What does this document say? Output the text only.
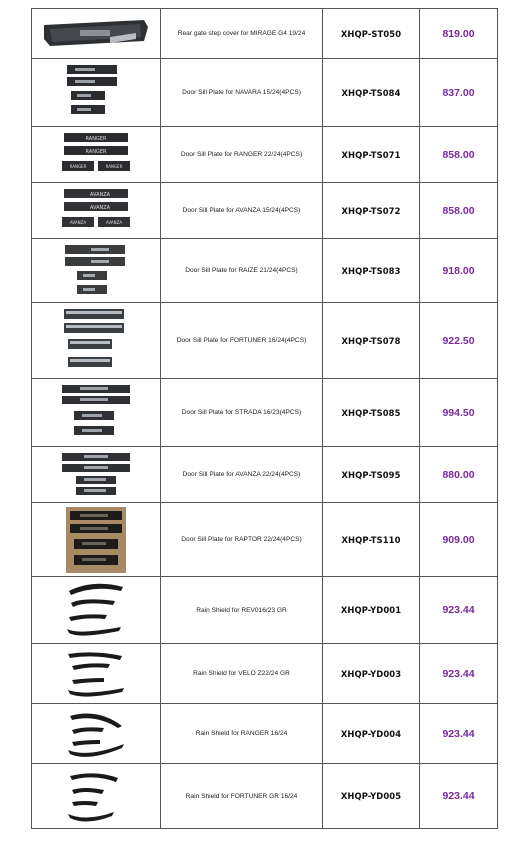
	Rear gate step cover for MIRAGE G4 19/24	XHQP-ST050	819.00

	Door Sill Plate for NAVARA 15/24(4PCS)	XHQP-TS084	837.00

RANGER
RANGER
RANGER RANGER	Door Sill Plate for RANGER 22/24(4PCS)	XHQP-TS071	858.00

AVANZA
AVANZA
AVANZA AVANZA	Door Sill Plate for AVANZA 15/24(4PCS)	XHQP-TS072	858.00

	Door Sill Plate for RAIZE 21/24(4PCS)	XHQP-TS083	918.00

	Door Sill Plate for FORTUNER 16/24(4PCS)	XHQP-TS078	922.50

	Door Sill Plate for STRADA 16/23(4PCS)	XHQP-TS085	994.50

	Door Sill Plate for AVANZA 22/24(4PCS)	XHQP-TS095	880.00

	Door Sill Plate for RAPTOR 22/24(4PCS)	XHQP-TS110	909.00

	Rain Shield for REV016/23 GR	XHQP-YD001	923.44

	Rain Shield for VELO Z22/24 GR	XHQP-YD003	923.44

	Rain Shield for RANGER 16/24	XHQP-YD004	923.44

	Rain Shield for FORTUNER GR 16/24	XHQP-YD005	923.44
